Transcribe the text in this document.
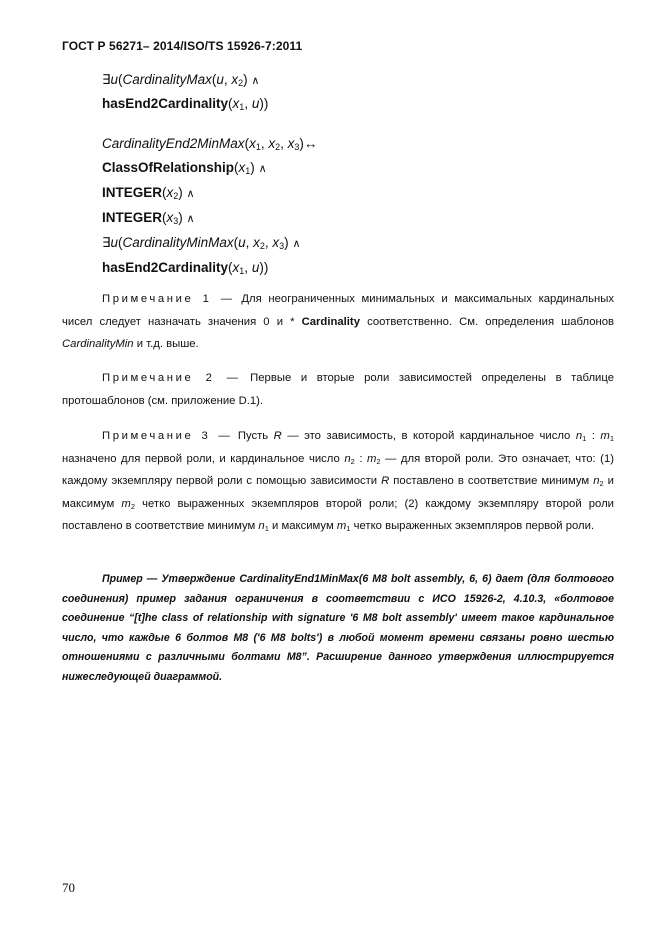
ГОСТ Р 56271– 2014/ISO/TS 15926-7:2011
∃u(CardinalityMax(u, $x_2$) ∧
$hasEnd2Cardinality(x_1$, u))
$CardinalityEnd2MinMax(x_1$, $x_2$, $x_3)\leftrightarrow$
$ClassOfRelationship(x_1)$ ∧
$INTEGER(x_2)$ ∧
$INTEGER(x_3)$ ∧
∃u(CardinalityMinMax(u, $x_2$, $x_3$) ∧
$hasEnd2Cardinality(x_1$, u))
Примечание 1 — Для неограниченных минимальных и максимальных кардинальных чисел следует назначать значения 0 и * Cardinality соответственно. См. определения шаблонов CardinalityMin и т.д. выше.
Примечание 2 — Первые и вторые роли зависимостей определены в таблице протошаблонов (см. приложение D.1).
Примечание 3 — Пусть R — это зависимость, в которой кардинальное число n1 : m1 назначено для первой роли, и кардинальное число n2 : m2 — для второй роли. Это означает, что: (1) каждому экземпляру первой роли с помощью зависимости R поставлено в соответствие минимум n2 и максимум m2 четко выраженных экземпляров второй роли; (2) каждому экземпляру второй роли поставлено в соответствие минимум n1 и максимум m1 четко выраженных экземпляров первой роли.
Пример — Утверждение CardinalityEnd1MinMax(6 M8 bolt assembly, 6, 6) дает (для болтового соединения) пример задания ограничения в соответствии с ИСО 15926-2, 4.10.3, «болтовое соединение “[t]he class of relationship with signature '6 M8 bolt assembly' имеет такое кардинальное число, что каждые 6 болтов М8 ('6 M8 bolts') в любой момент времени связаны ровно шестью отношениями с различными болтами М8”. Расширение данного утверждения иллюстрируется нижеследующей диаграммой.
70
